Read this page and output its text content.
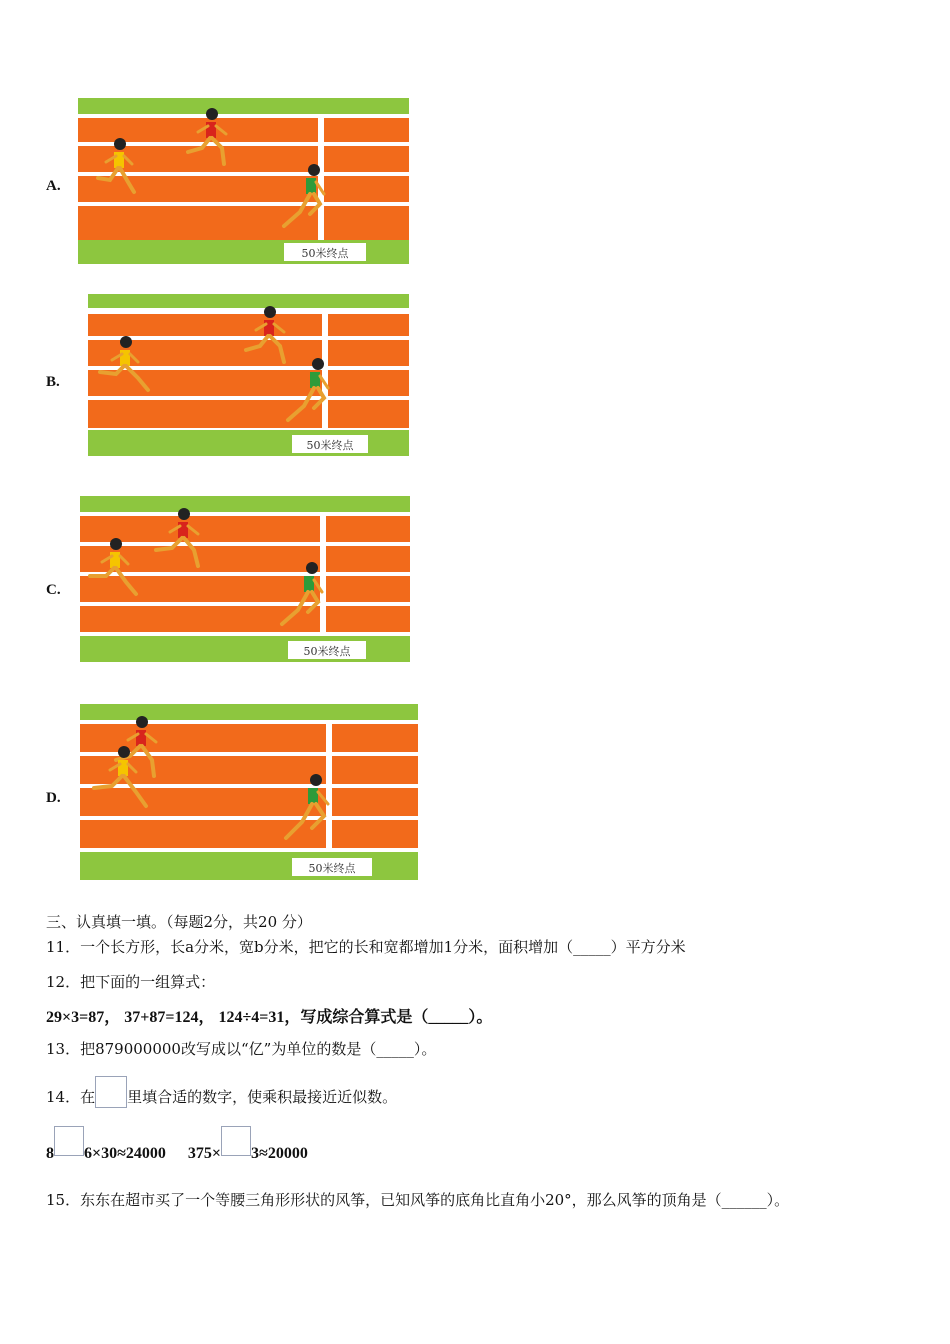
A.
50米终点
B.
50米终点
C.
50米终点
D.
50米终点
三、认真填一填。（每题2分，共20 分）
11．一个长方形，长a分米，宽b分米，把它的长和宽都增加1分米，面积增加（_____）平方分米
12．把下面的一组算式：
29×3=87， 37+87=124， 124÷4=31，写成综合算式是（_____）。
13．把879000000改写成以“亿”为单位的数是（_____）。
14．在 里填合适的数字，使乘积最接近近似数。
8 6×30≈24000 375× 3≈20000
15．东东在超市买了一个等腰三角形形状的风筝，已知风筝的底角比直角小20°，那么风筝的顶角是（______）。
